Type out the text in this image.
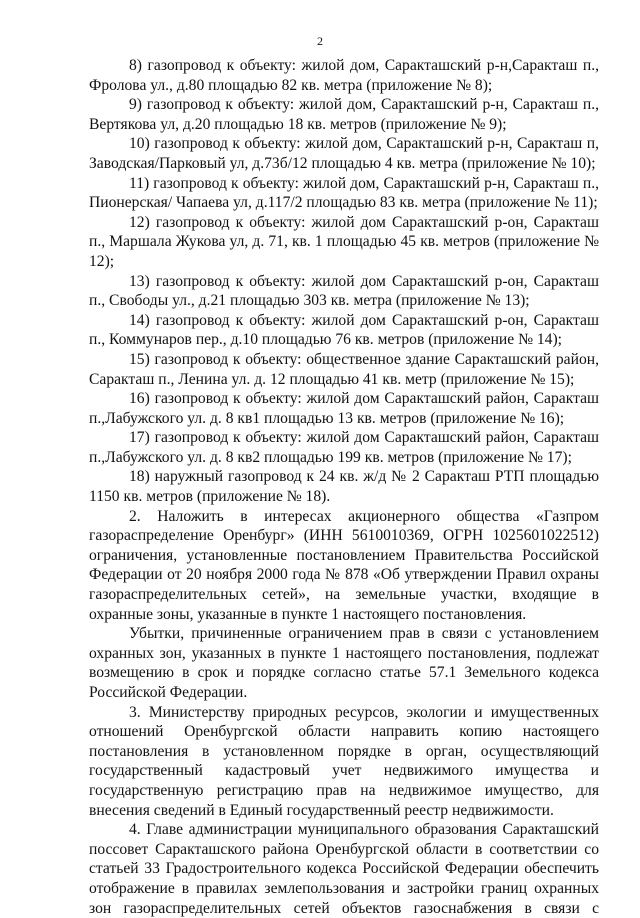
2

8) газопровод к объекту: жилой дом, Саракташский р-н,Саракташ п., Фролова ул., д.80 площадью 82 кв. метра (приложение № 8);

9) газопровод к объекту: жилой дом, Саракташский р-н, Саракташ п., Вертякова ул, д.20 площадью 18 кв. метров (приложение № 9);

10) газопровод к объекту: жилой дом, Саракташский р-н, Саракташ п, Заводская/Парковый ул, д.73б/12 площадью 4 кв. метра (приложение № 10);

11) газопровод к объекту: жилой дом, Саракташский р-н, Саракташ п., Пионерская/ Чапаева ул, д.117/2 площадью 83 кв. метра (приложение № 11);

12) газопровод к объекту: жилой дом Саракташский р-он, Саракташ п., Маршала Жукова ул, д. 71, кв. 1 площадью 45 кв. метров (приложение № 12);

13) газопровод к объекту: жилой дом Саракташский р-он, Саракташ п., Свободы ул., д.21 площадью 303 кв. метра (приложение № 13);

14) газопровод к объекту: жилой дом Саракташский р-он, Саракташ п., Коммунаров пер., д.10 площадью 76 кв. метров (приложение № 14);

15) газопровод к объекту: общественное здание Саракташский район, Саракташ п., Ленина ул. д. 12 площадью 41 кв. метр (приложение № 15);

16) газопровод к объекту: жилой дом Саракташский район, Саракташ п.,Лабужского ул. д. 8 кв1 площадью 13 кв. метров (приложение № 16);

17) газопровод к объекту: жилой дом Саракташский район, Саракташ п.,Лабужского ул. д. 8 кв2 площадью 199 кв. метров (приложение № 17);

18) наружный газопровод к 24 кв. ж/д № 2 Саракташ РТП площадью 1150 кв. метров (приложение № 18).

2. Наложить в интересах акционерного общества «Газпром газораспределение Оренбург» (ИНН 5610010369, ОГРН 1025601022512) ограничения, установленные постановлением Правительства Российской Федерации от 20 ноября 2000 года № 878 «Об утверждении Правил охраны газораспределительных сетей», на земельные участки, входящие в охранные зоны, указанные в пункте 1 настоящего постановления.

Убытки, причиненные ограничением прав в связи с установлением охранных зон, указанных в пункте 1 настоящего постановления, подлежат возмещению в срок и порядке согласно статье 57.1 Земельного кодекса Российской Федерации.

3. Министерству природных ресурсов, экологии и имущественных отношений Оренбургской области направить копию настоящего постановления в установленном порядке в орган, осуществляющий государственный кадастровый учет недвижимого имущества и государственную регистрацию прав на недвижимое имущество, для внесения сведений в Единый государственный реестр недвижимости.

4. Главе администрации муниципального образования Саракташский поссовет Саракташского района Оренбургской области в соответствии со статьей 33 Градостроительного кодекса Российской Федерации обеспечить отображение в правилах землепользования и застройки границ охранных зон газораспределительных сетей объектов газоснабжения в связи с
